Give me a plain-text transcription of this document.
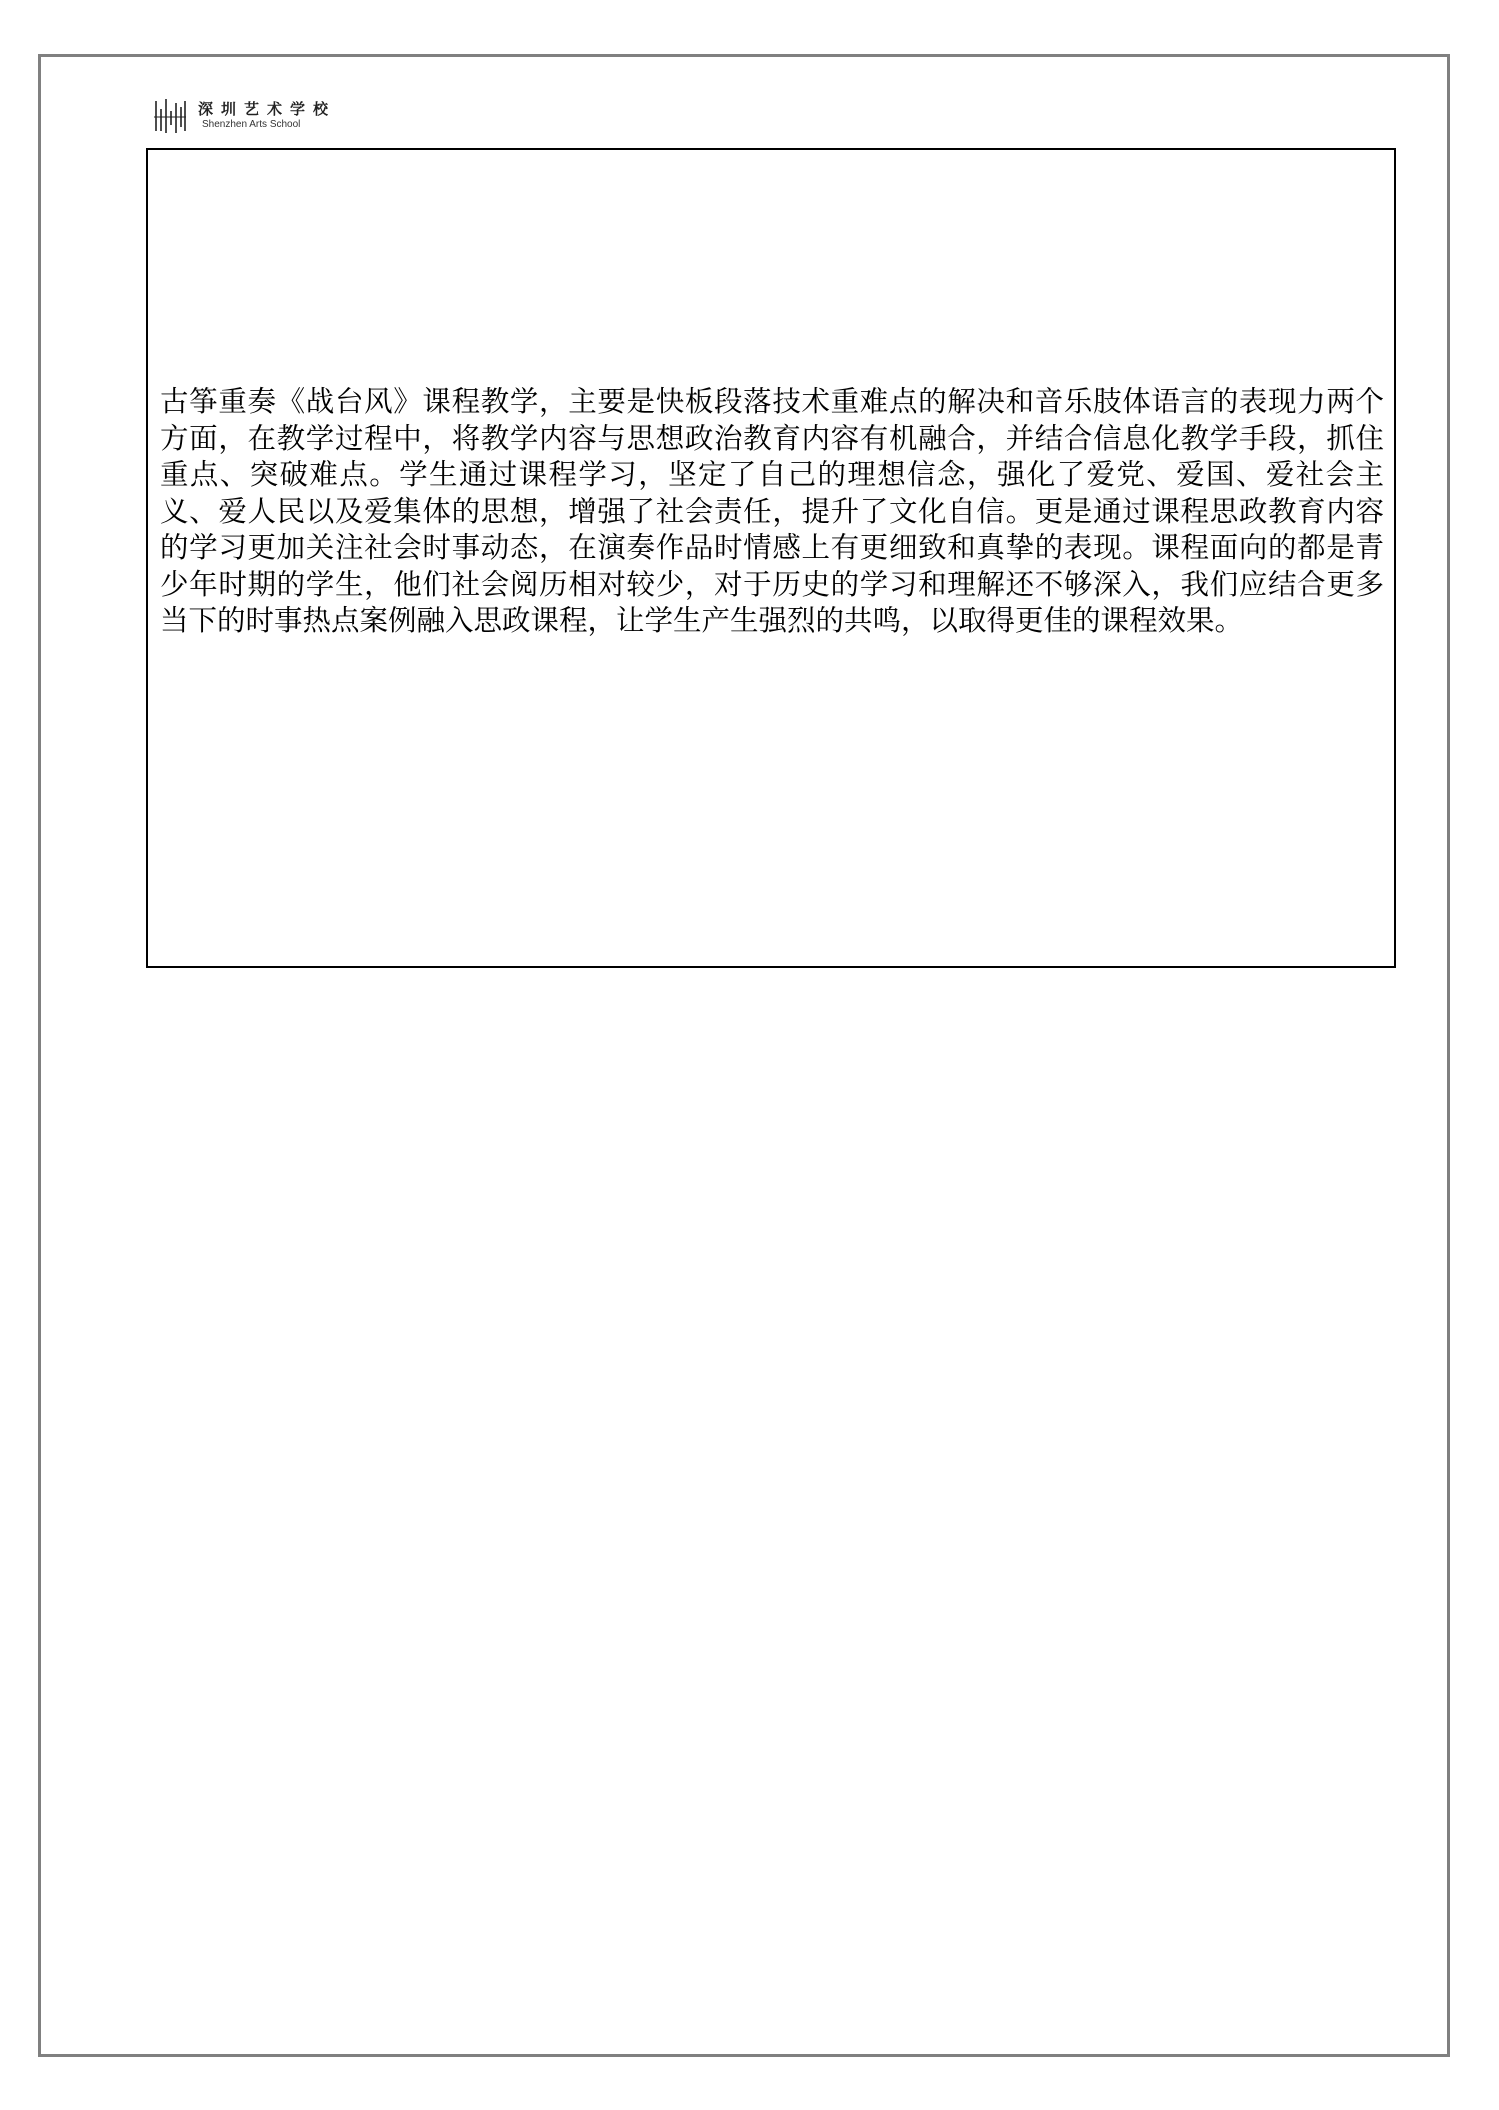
深圳艺术学校
Shenzhen Arts School

古筝重奏《战台风》课程教学，主要是快板段落技术重难点的解决和音乐肢体语言的表现力两个方面，在教学过程中，将教学内容与思想政治教育内容有机融合，并结合信息化教学手段，抓住重点、突破难点。学生通过课程学习，坚定了自己的理想信念，强化了爱党、爱国、爱社会主义、爱人民以及爱集体的思想，增强了社会责任，提升了文化自信。更是通过课程思政教育内容的学习更加关注社会时事动态，在演奏作品时情感上有更细致和真挚的表现。课程面向的都是青少年时期的学生，他们社会阅历相对较少，对于历史的学习和理解还不够深入，我们应结合更多当下的时事热点案例融入思政课程，让学生产生强烈的共鸣，以取得更佳的课程效果。
